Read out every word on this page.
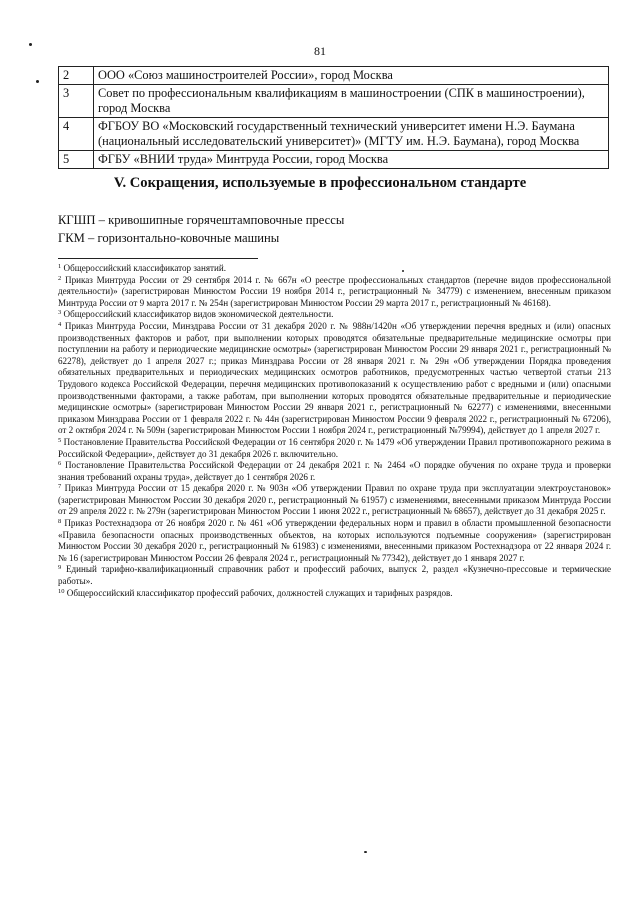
81
2	ООО «Союз машиностроителей России», город Москва
3	Совет по профессиональным квалификациям в машиностроении (СПК в машиностроении), город Москва
4	ФГБОУ ВО «Московский государственный технический университет имени Н.Э. Баумана (национальный исследовательский университет)» (МГТУ им. Н.Э. Баумана), город Москва
5	ФГБУ «ВНИИ труда» Минтруда России, город Москва
V. Сокращения, используемые в профессиональном стандарте
КГШП – кривошипные горячештамповочные прессы
ГКМ – горизонтально-ковочные машины

$^1$ Общероссийский классификатор занятий.

$^2$ Приказ Минтруда России от 29 сентября 2014 г. № 667н «О реестре профессиональных стандартов (перечне видов профессиональной деятельности)» (зарегистрирован Минюстом России 19 ноября 2014 г., регистрационный № 34779) с изменением, внесенным приказом Минтруда России от 9 марта 2017 г. № 254н (зарегистрирован Минюстом России 29 марта 2017 г., регистрационный № 46168).

$^3$ Общероссийский классификатор видов экономической деятельности.

$^4$ Приказ Минтруда России, Минздрава России от 31 декабря 2020 г. № 988н/1420н «Об утверждении перечня вредных и (или) опасных производственных факторов и работ, при выполнении которых проводятся обязательные предварительные медицинские осмотры при поступлении на работу и периодические медицинские осмотры» (зарегистрирован Минюстом России 29 января 2021 г., регистрационный № 62278), действует до 1 апреля 2027 г.; приказ Минздрава России от 28 января 2021 г. № 29н «Об утверждении Порядка проведения обязательных предварительных и периодических медицинских осмотров работников, предусмотренных частью четвертой статьи 213 Трудового кодекса Российской Федерации, перечня медицинских противопоказаний к осуществлению работ с вредными и (или) опасными производственными факторами, а также работам, при выполнении которых проводятся обязательные предварительные и периодические медицинские осмотры» (зарегистрирован Минюстом России 29 января 2021 г., регистрационный № 62277) с изменениями, внесенными приказом Минздрава России от 1 февраля 2022 г. № 44н (зарегистрирован Минюстом России 9 февраля 2022 г., регистрационный № 67206), от 2 октября 2024 г. № 509н (зарегистрирован Минюстом России 1 ноября 2024 г., регистрационный №79994), действует до 1 апреля 2027 г.

$^5$ Постановление Правительства Российской Федерации от 16 сентября 2020 г. № 1479 «Об утверждении Правил противопожарного режима в Российской Федерации», действует до 31 декабря 2026 г. включительно.

$^6$ Постановление Правительства Российской Федерации от 24 декабря 2021 г. № 2464 «О порядке обучения по охране труда и проверки знания требований охраны труда», действует до 1 сентября 2026 г.

$^7$ Приказ Минтруда России от 15 декабря 2020 г. № 903н «Об утверждении Правил по охране труда при эксплуатации электроустановок» (зарегистрирован Минюстом России 30 декабря 2020 г., регистрационный № 61957) с изменениями, внесенными приказом Минтруда России от 29 апреля 2022 г. № 279н (зарегистрирован Минюстом России 1 июня 2022 г., регистрационный № 68657), действует до 31 декабря 2025 г.

$^8$ Приказ Ростехнадзора от 26 ноября 2020 г. № 461 «Об утверждении федеральных норм и правил в области промышленной безопасности «Правила безопасности опасных производственных объектов, на которых используются подъемные сооружения» (зарегистрирован Минюстом России 30 декабря 2020 г., регистрационный № 61983) с изменениями, внесенными приказом Ростехнадзора от 22 января 2024 г. № 16 (зарегистрирован Минюстом России 26 февраля 2024 г., регистрационный № 77342), действует до 1 января 2027 г.

$^9$ Единый тарифно-квалификационный справочник работ и профессий рабочих, выпуск 2, раздел «Кузнечно-прессовые и термические работы».

$^{10}$ Общероссийский классификатор профессий рабочих, должностей служащих и тарифных разрядов.
